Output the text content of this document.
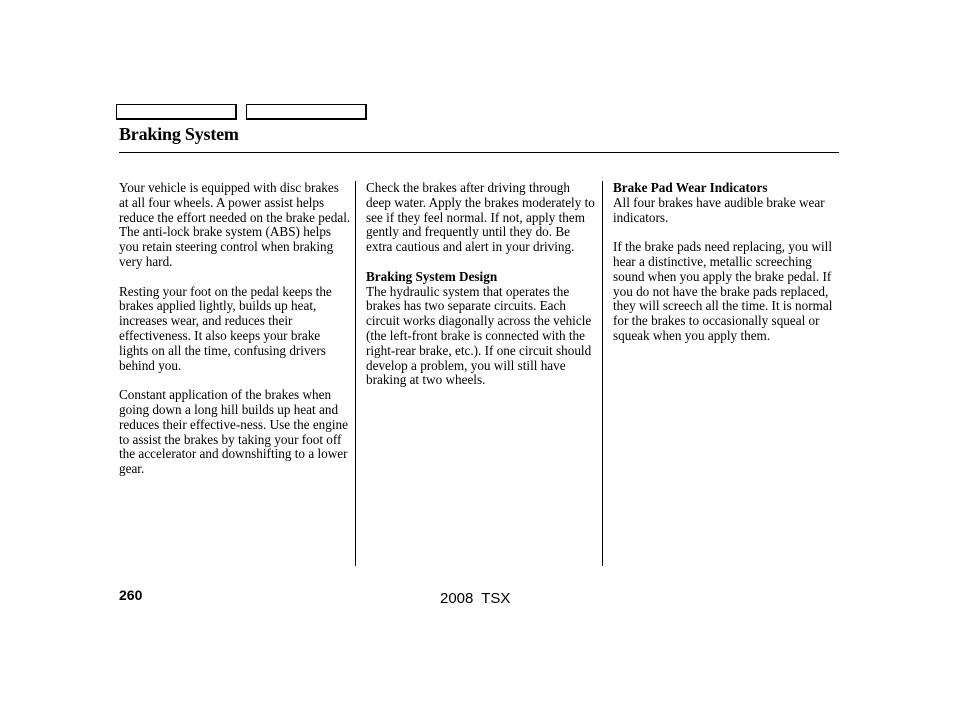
Braking System

Your vehicle is equipped with disc brakes at all four wheels. A power assist helps reduce the effort needed on the brake pedal. The anti-lock brake system (ABS) helps you retain steering control when braking very hard.

Resting your foot on the pedal keeps the brakes applied lightly, builds up heat, increases wear, and reduces their effectiveness. It also keeps your brake lights on all the time, confusing drivers behind you.

Constant application of the brakes when going down a long hill builds up heat and reduces their effective-ness. Use the engine to assist the brakes by taking your foot off the accelerator and downshifting to a lower gear.

Check the brakes after driving through deep water. Apply the brakes moderately to see if they feel normal. If not, apply them gently and frequently until they do. Be extra cautious and alert in your driving.

Braking System Design
The hydraulic system that operates the brakes has two separate circuits. Each circuit works diagonally across the vehicle (the left-front brake is connected with the right-rear brake, etc.). If one circuit should develop a problem, you will still have braking at two wheels.

Brake Pad Wear Indicators
All four brakes have audible brake wear indicators.

If the brake pads need replacing, you will hear a distinctive, metallic screeching sound when you apply the brake pedal. If you do not have the brake pads replaced, they will screech all the time. It is normal for the brakes to occasionally squeal or squeak when you apply them.

260	2008 TSX
